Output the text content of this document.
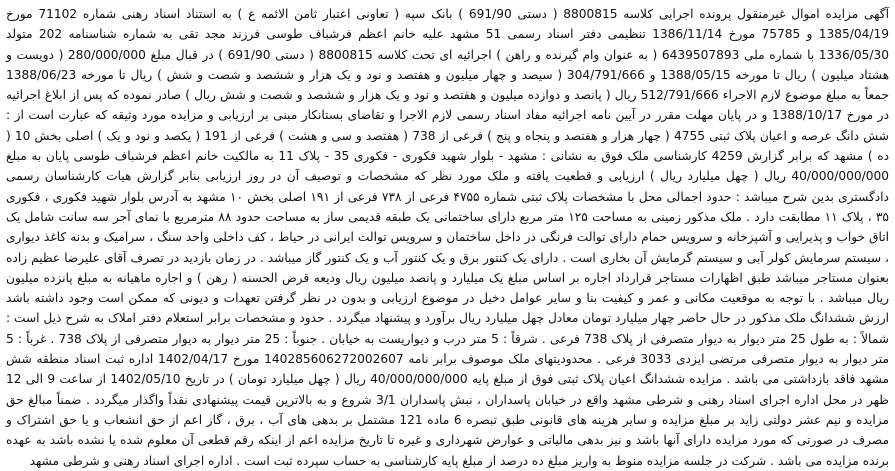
آگهی مزایده اموال غیرمنقول پرونده اجرایی کلاسه 8800815 ( دستی 691/90 ) بانک سپه ( تعاونی اعتبار ثامن الائمه ع ) به استناد اسناد رهنی شماره 71102 مورخ 1385/04/19 و 75785 مورخ 1386/11/14 تنظیمی دفتر اسناد رسمی 51 مشهد علیه خانم اعظم فرشباف طوسی فرزند مجد تقی به شماره شناسنامه 202 متولد 1336/05/30 با شماره ملی 6439507893 ( به عنوان وام گیرنده و راهن ) اجرائیه ای تحت کلاسه 8800815 ( دستی 691/90 ) در قبال مبلغ 280/000/000 ( دویست و هشتاد میلیون ) ریال تا مورخه 1388/05/15 و 304/791/666 ( سیصد و چهار میلیون و هفتصد و نود و یک هزار و ششصد و شصت و شش ) ریال تا مورخه 1388/06/23 جمعاً به مبلغ موضوع لازم الاجراء 512/791/666 ریال ( پانصد و دوازده میلیون و هفتصد و نود و یک هزار و ششصد و شصت و شش ریال ) صادر نموده که پس از ابلاغ اجرائیه در مورخ 1388/10/17 و در پایان مهلت مقرر در آیین نامه اجرائیه مفاد اسناد رسمی لازم الاجرا و تقاضای بستانکار مبنی بر ارزیابی و مزایده مورد وثیقه که عبارت است از : شش دانگ عرصه و اعیان پلاک ثبتی 4755 ( چهار هزار و هفتصد و پنجاه و پنج ) فرعی از 738 ( هفتصد و سی و هشت ) فرعی از 191 ( یکصد و نود و یک ) اصلی بخش 10 ( ده ) مشهد که برابر گزارش 4259 کارشناسی ملک فوق به نشانی : مشهد - بلوار شهید فکوری - فکوری 35 - پلاک 11 به مالکیت خانم اعظم فرشباف طوسی پایان به مبلغ 40/000/000/000 ریال ( چهل میلیارد ریال ) ارزیابی و قطعیت یافته و ملک مورد نظر که مشخصات و توصیف آن در روز ارزیابی بنابر گزارش هیات کارشناسان رسمی دادگستری بدین شرح میباشد : حدود اجمالی محل با مشخصات پلاک ثبتی شماره ۴۷۵۵ فرعی از ۷۳۸ فرعی از ۱۹۱ اصلی بخش ۱۰ مشهد به آدرس بلوار شهید فکوری ، فکوری ۳۵ ، پلاک ۱۱ مطابقت دارد . ملک مذکور زمینی به مساحت ۱۲۵ متر مربع دارای ساختمانی یک طبقه قدیمی ساز به مساحت حدود ۸۸ مترمربع با نمای آجر سه سانت شامل یک اتاق خواب و پذیرایی و آشپزخانه و سرویس حمام دارای توالت فرنگی در داخل ساختمان و سرویس توالت ایرانی در حیاط ، کف داخلی واحد سنگ ، سرامیک و بدنه کاغذ دیواری ، سیستم سرمایش کولر آبی و سیستم گرمایش آن بخاری است . دارای یک کنتور برق و یک کنتور آب و یک کنتور گاز میباشد . در زمان بازدید در تصرف آقای علیرضا عظیم زاده بعنوان مستاجر میباشد طبق اظهارات مستاجر قرارداد اجاره بر اساس مبلغ یک میلیارد و پانصد میلیون ریال ودیعه قرض الحسنه ( رهن ) و اجاره ماهیانه به مبلغ پانزده میلیون ریال میباشد . با توجه به موقعیت مکانی و عمر و کیفیت بنا و سایر عوامل دخیل در موضوع ارزیابی و بدون در نظر گرفتن تعهدات و دیونی که ممکن است وجود داشته باشد ارزش ششدانگ ملک مذکور در حال حاضر چهار میلیارد تومان معادل چهل میلیارد ریال برآورد و پیشنهاد میگردد . حدود و مشخصات برابر استعلام دفتر املاک به شرح ذیل است : شمالاً : به طول 25 متر دیوار به دیوار متصرفی از پلاک 738 فرعی . شرقاً : 5 متر درب و دیواریست به خیابان . جنوباً : 25 متر دیوار به دیوار متصرفی از پلاک 738 . غرباً : 5 متر دیوار به دیوار متصرفی مرتضی ایزدی 3033 فرعی . محدودیتهای ملک موصوف برابر نامه 140285606272002607 مورخ 1402/04/17 اداره ثبت اسناد منطقه شش مشهد فاقد بازداشتی می باشد . مزایده ششدانگ اعیان پلاک ثبتی فوق از مبلغ پایه 40/000/000/000 ریال ( چهل میلیارد تومان ) در تاریخ 1402/05/10 از ساعت 9 الی 12 ظهر در محل اداره اجرای اسناد رهنی و شرطی مشهد واقع در خیابان پاسداران ، نبش پاسداران 3/1 شروع و به بالاترین قیمت پیشنهادی نقداً واگذار میگردد . ضمناً مبالغ حق مزایده و نیم عشر دولتی زاید بر مبلغ مزایده و سایر هزینه های قانونی طبق تبصره 6 ماده 121 مشتمل بر بدهی های آب ، برق ، گاز اعم از حق انشعاب و یا حق اشتراک و مصرف در صورتی که مورد مزایده دارای آنها باشد و نیز بدهی مالیاتی و عوارض شهرداری و غیره تا تاریخ مزایده اعم از اینکه رقم قطعی آن معلوم شده یا نشده باشد به عهده برنده مزایده می باشد . شرکت در جلسه مزایده منوط به واریز مبلغ ده درصد از مبلغ پایه کارشناسی به حساب سپرده ثبت است . اداره اجرای اسناد رهنی و شرطی مشهد
